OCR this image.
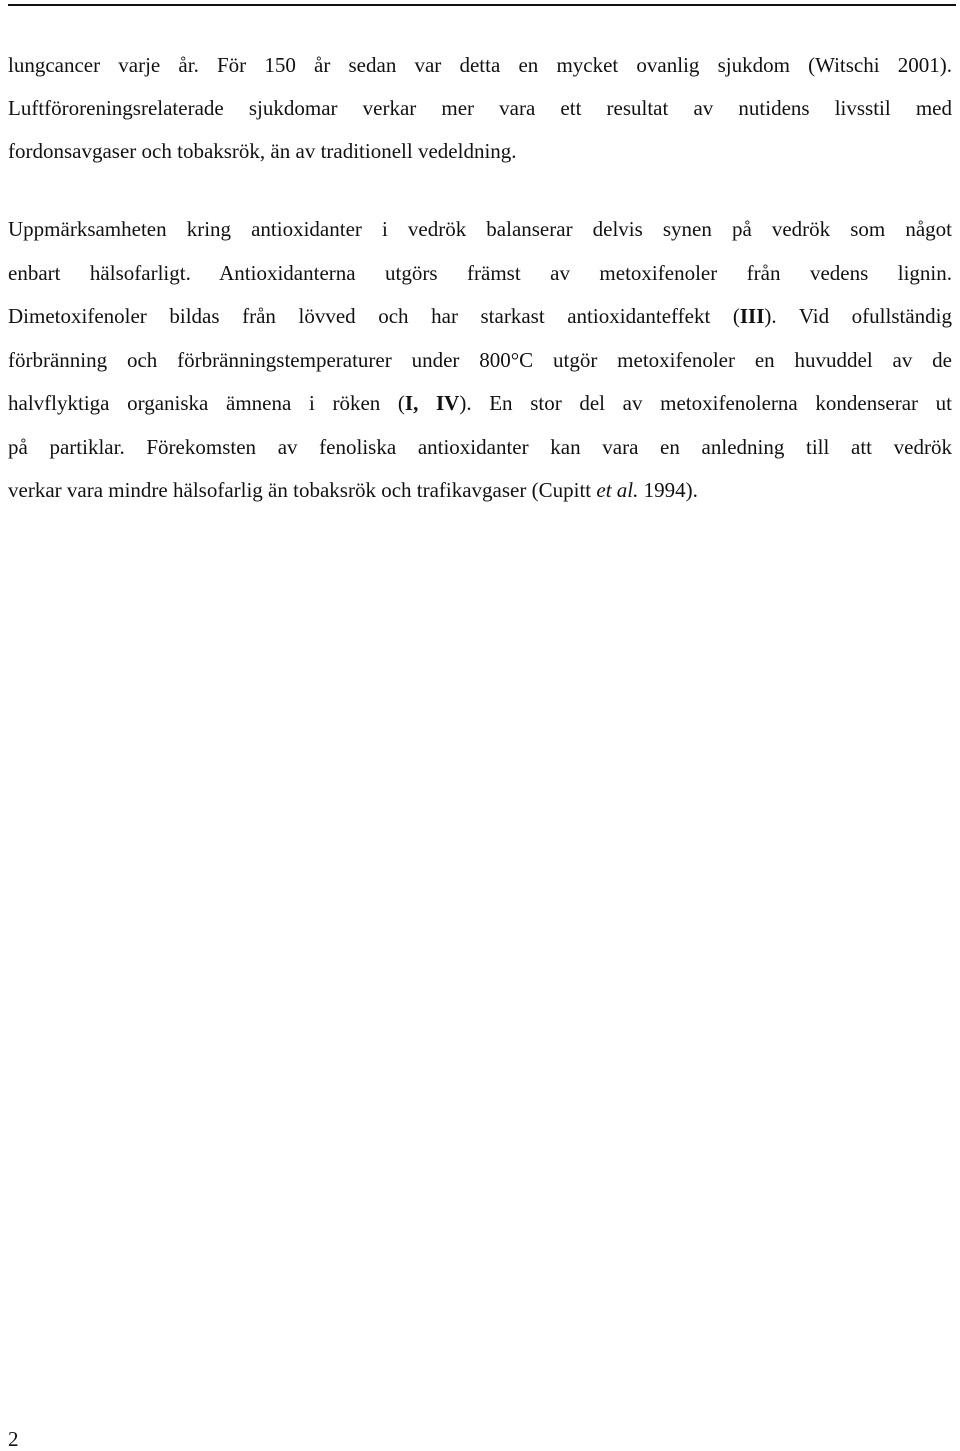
lungcancer varje år. För 150 år sedan var detta en mycket ovanlig sjukdom (Witschi 2001).
Luftföroreningsrelaterade sjukdomar verkar mer vara ett resultat av nutidens livsstil med
fordonsavgaser och tobaksrök, än av traditionell vedeldning.
Uppmärksamheten kring antioxidanter i vedrök balanserar delvis synen på vedrök som något
enbart hälsofarligt. Antioxidanterna utgörs främst av metoxifenoler från vedens lignin.
Dimetoxifenoler bildas från lövved och har starkast antioxidanteffekt (III). Vid ofullständig
förbränning och förbränningstemperaturer under 800°C utgör metoxifenoler en huvuddel av de
halvflyktiga organiska ämnena i röken (I, IV). En stor del av metoxifenolerna kondenserar ut
på partiklar. Förekomsten av fenoliska antioxidanter kan vara en anledning till att vedrök
verkar vara mindre hälsofarlig än tobaksrök och trafikavgaser (Cupitt et al. 1994).
2
